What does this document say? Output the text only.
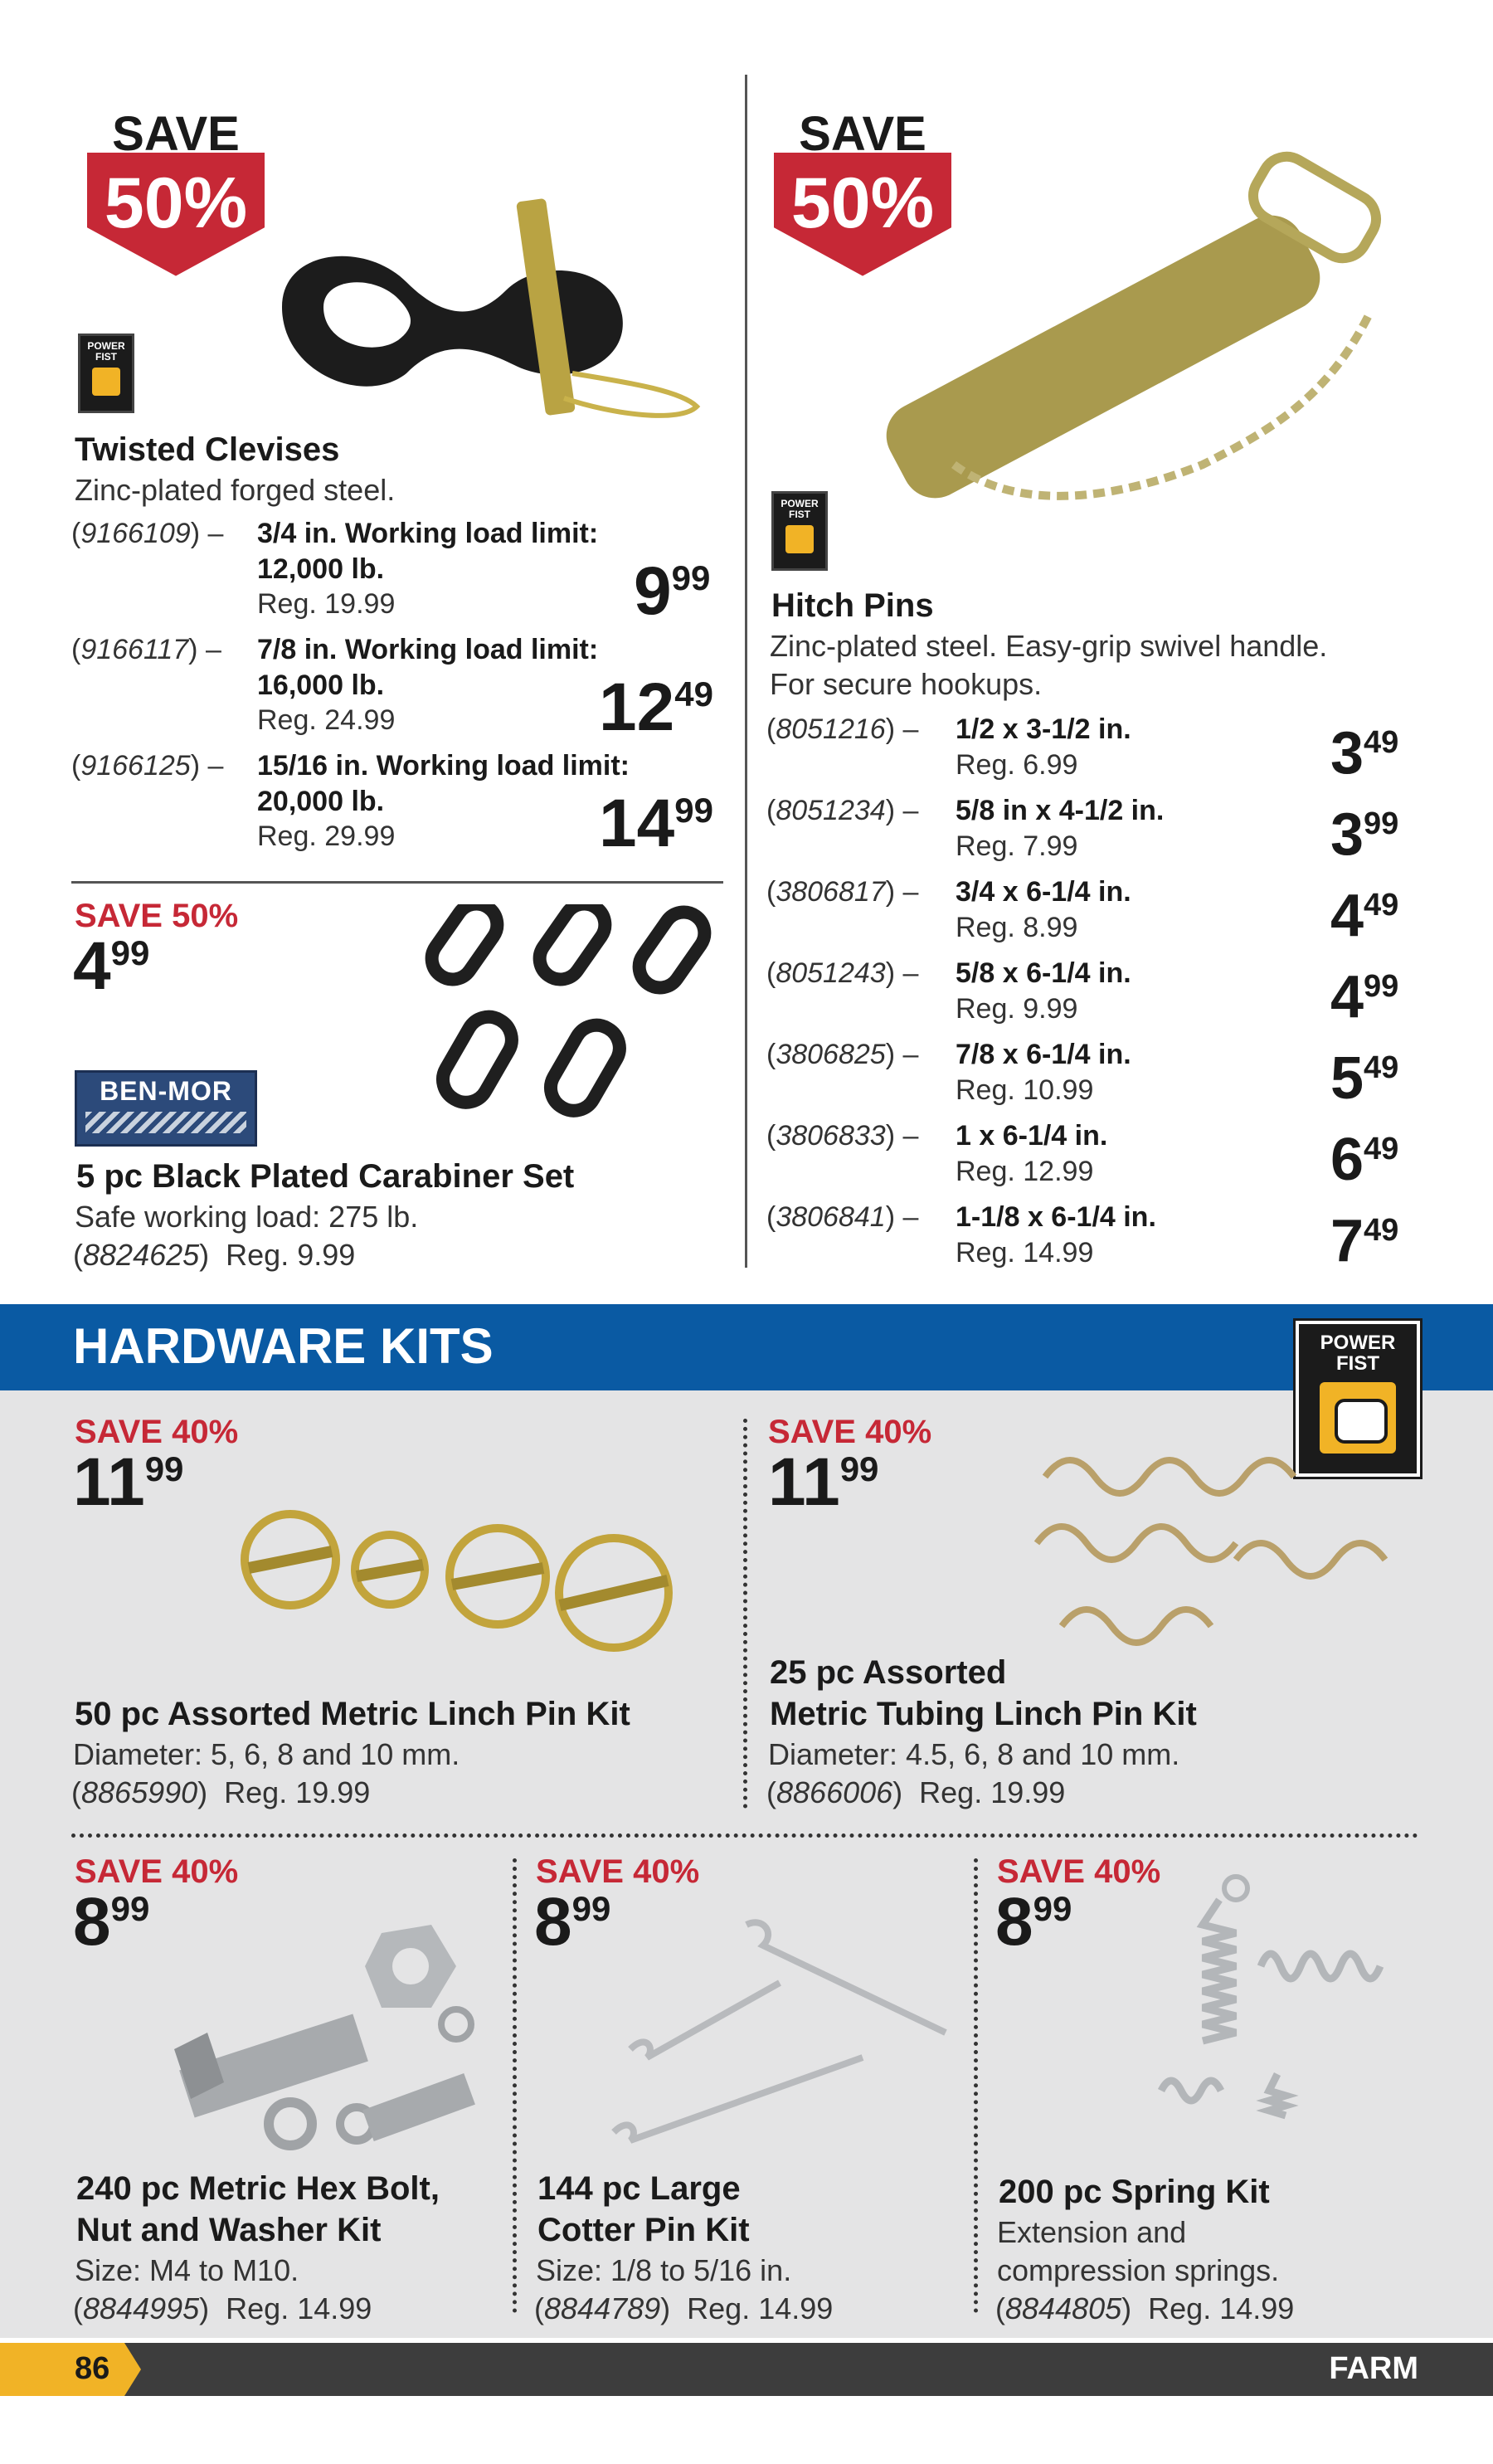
SAVE
50%
POWER FIST
Twisted Clevises
Zinc-plated forged steel.
(9166109) – 3/4 in. Working load limit:
12,000 lb.
Reg. 19.99	999
(9166117) – 7/8 in. Working load limit:
16,000 lb.
Reg. 24.99	1249
(9166125) – 15/16 in. Working load limit:
20,000 lb.
Reg. 29.99	1499
SAVE 50%
499
BEN-MOR
5 pc Black Plated Carabiner Set
Safe working load: 275 lb.
(8824625)  Reg. 9.99
SAVE
50%
POWER FIST
Hitch Pins
Zinc-plated steel. Easy-grip swivel handle.
For secure hookups.
(8051216) – 1/2 x 3-1/2 in.
Reg. 6.99	349
(8051234) – 5/8 in x 4-1/2 in.
Reg. 7.99	399
(3806817) – 3/4 x 6-1/4 in.
Reg. 8.99	449
(8051243) – 5/8 x 6-1/4 in.
Reg. 9.99	499
(3806825) – 7/8 x 6-1/4 in.
Reg. 10.99	549
(3806833) – 1 x 6-1/4 in.
Reg. 12.99	649
(3806841) – 1-1/8 x 6-1/4 in.
Reg. 14.99	749
HARDWARE KITS	POWER FIST
SAVE 40%
1199
50 pc Assorted Metric Linch Pin Kit
Diameter: 5, 6, 8 and 10 mm.
(8865990)  Reg. 19.99
SAVE 40%
1199
25 pc Assorted
Metric Tubing Linch Pin Kit
Diameter: 4.5, 6, 8 and 10 mm.
(8866006)  Reg. 19.99
SAVE 40%
899
240 pc Metric Hex Bolt,
Nut and Washer Kit
Size: M4 to M10.
(8844995)  Reg. 14.99
SAVE 40%
899
144 pc Large
Cotter Pin Kit
Size: 1/8 to 5/16 in.
(8844789)  Reg. 14.99
SAVE 40%
899
200 pc Spring Kit
Extension and
compression springs.
(8844805)  Reg. 14.99
86	FARM
